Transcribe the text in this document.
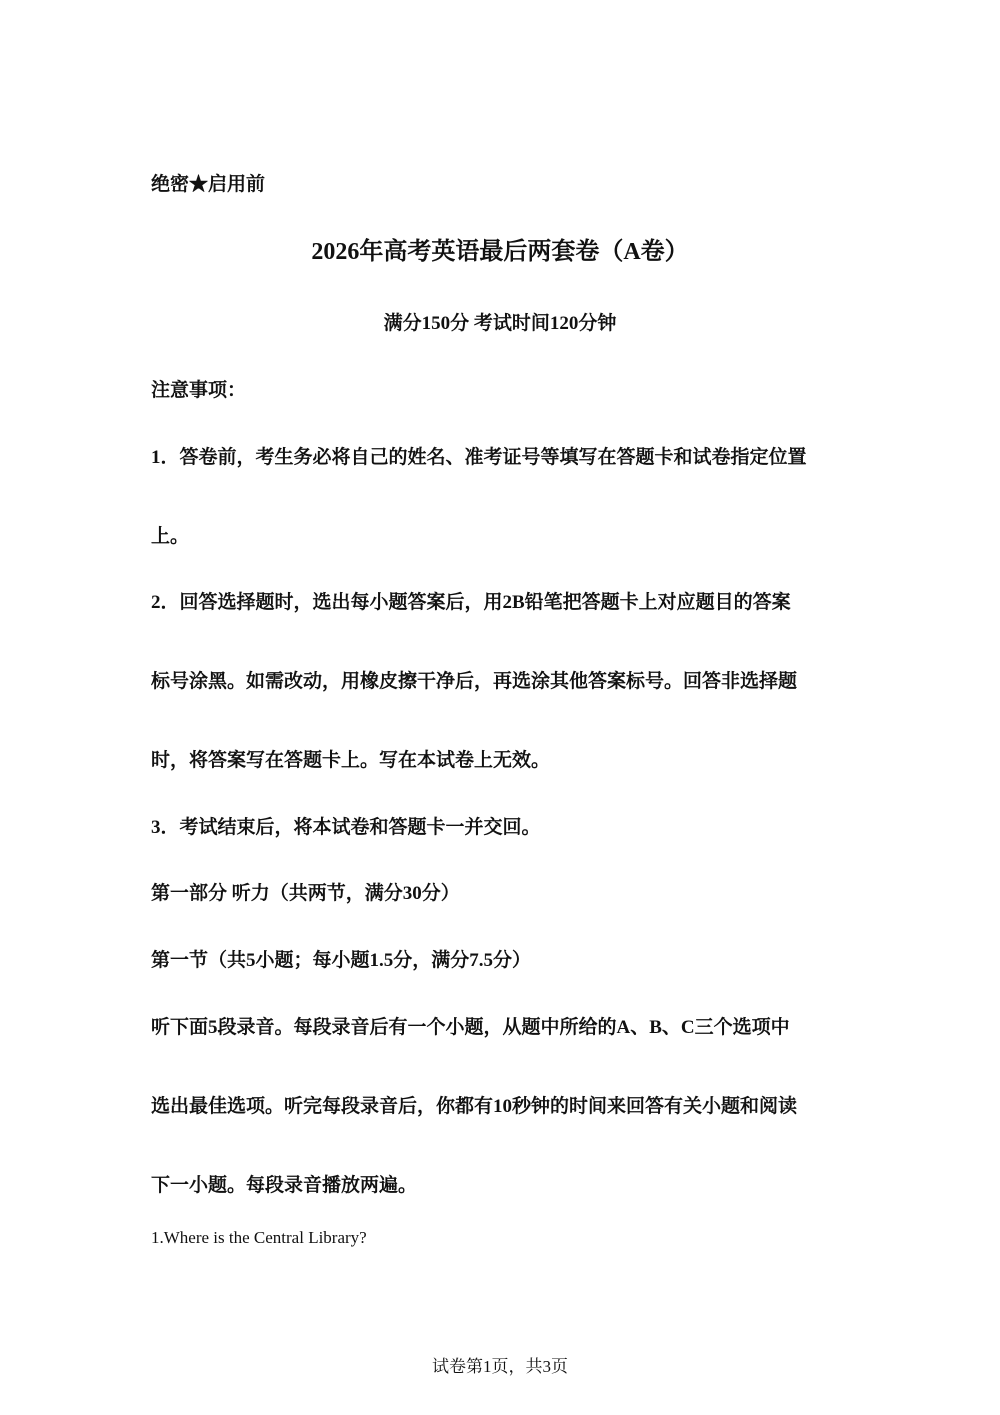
绝密★启用前
2026年高考英语最后两套卷（A卷）
满分150分 考试时间120分钟
注意事项：
1．答卷前，考生务必将自己的姓名、准考证号等填写在答题卡和试卷指定位置
上。
2．回答选择题时，选出每小题答案后，用2B铅笔把答题卡上对应题目的答案
标号涂黑。如需改动，用橡皮擦干净后，再选涂其他答案标号。回答非选择题
时，将答案写在答题卡上。写在本试卷上无效。
3．考试结束后，将本试卷和答题卡一并交回。
第一部分 听力（共两节，满分30分）
第一节（共5小题；每小题1.5分，满分7.5分）
听下面5段录音。每段录音后有一个小题，从题中所给的A、B、C三个选项中
选出最佳选项。听完每段录音后，你都有10秒钟的时间来回答有关小题和阅读
下一小题。每段录音播放两遍。
1.Where is the Central Library?
试卷第1页，共3页
